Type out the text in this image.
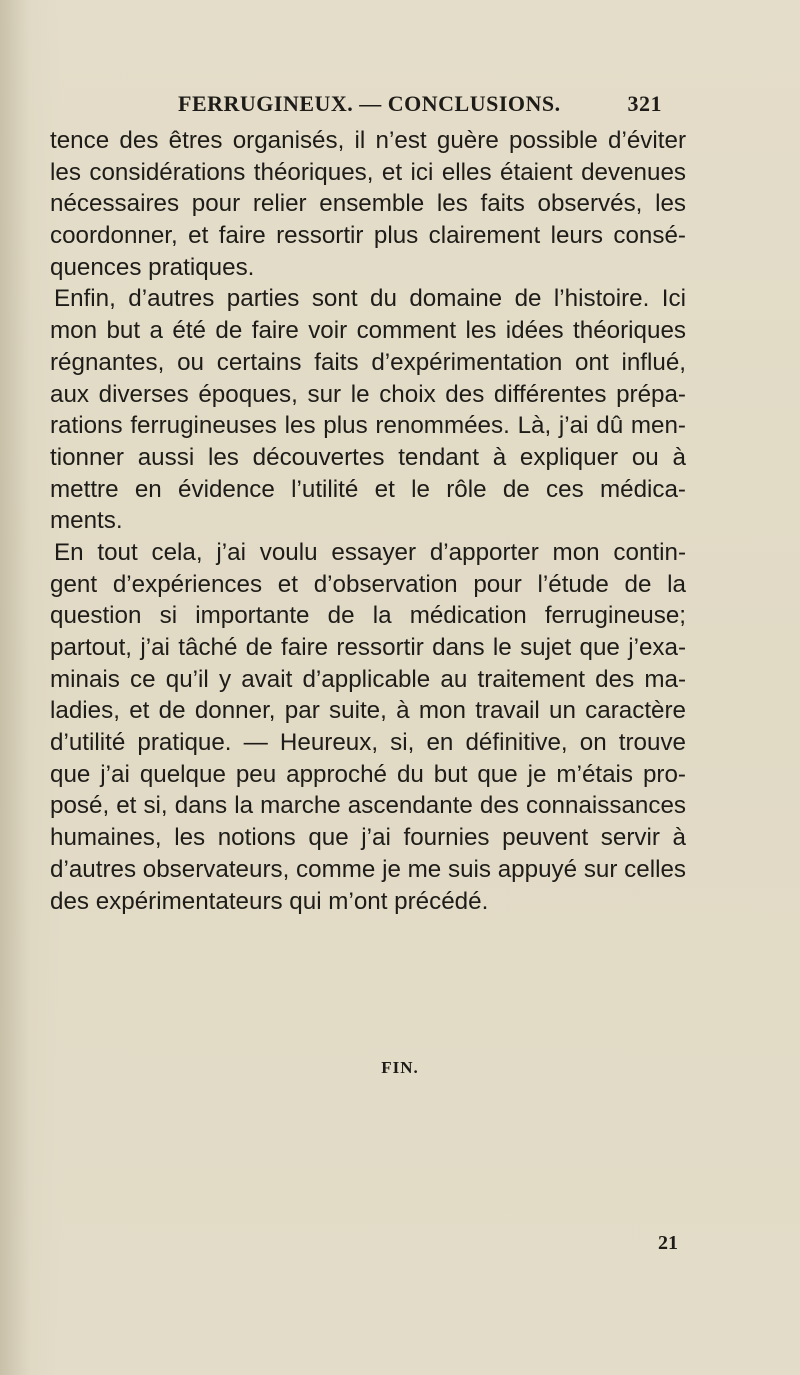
FERRUGINEUX. — CONCLUSIONS.	321
tence des êtres organisés, il n’est guère possible d’éviter
les considérations théoriques, et ici elles étaient devenues
nécessaires pour relier ensemble les faits observés, les
coordonner, et faire ressortir plus clairement leurs consé-
quences pratiques.
Enfin, d’autres parties sont du domaine de l’histoire. Ici
mon but a été de faire voir comment les idées théoriques
régnantes, ou certains faits d’expérimentation ont influé,
aux diverses époques, sur le choix des différentes prépa-
rations ferrugineuses les plus renommées. Là, j’ai dû men-
tionner aussi les découvertes tendant à expliquer ou à
mettre en évidence l’utilité et le rôle de ces médica-
ments.
En tout cela, j’ai voulu essayer d’apporter mon contin-
gent d’expériences et d’observation pour l’étude de la
question si importante de la médication ferrugineuse;
partout, j’ai tâché de faire ressortir dans le sujet que j’exa-
minais ce qu’il y avait d’applicable au traitement des ma-
ladies, et de donner, par suite, à mon travail un caractère
d’utilité pratique. — Heureux, si, en définitive, on trouve
que j’ai quelque peu approché du but que je m’étais pro-
posé, et si, dans la marche ascendante des connaissances
humaines, les notions que j’ai fournies peuvent servir à
d’autres observateurs, comme je me suis appuyé sur celles
des expérimentateurs qui m’ont précédé.
FIN.
21
